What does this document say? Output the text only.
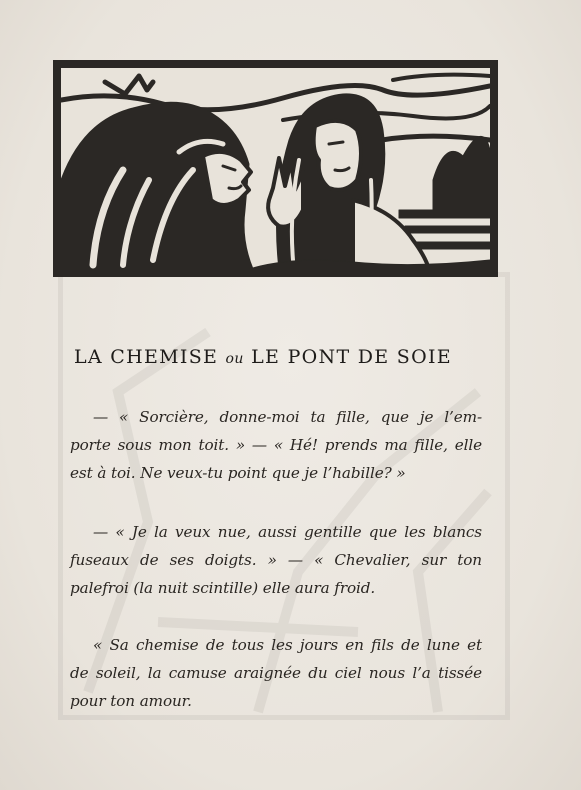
LA CHEMISE ou LE PONT DE SOIE

— « Sorcière, donne-moi ta fille, que je l’em-
porte sous mon toit. » — « Hé! prends ma fille, elle
est à toi. Ne veux-tu point que je l’habille? »

— « Je la veux nue, aussi gentille que les blancs
fuseaux de ses doigts. » — « Chevalier, sur ton
palefroi (la nuit scintille) elle aura froid.

« Sa chemise de tous les jours en fils de lune et
de soleil, la camuse araignée du ciel nous l’a tissée
pour ton amour.
